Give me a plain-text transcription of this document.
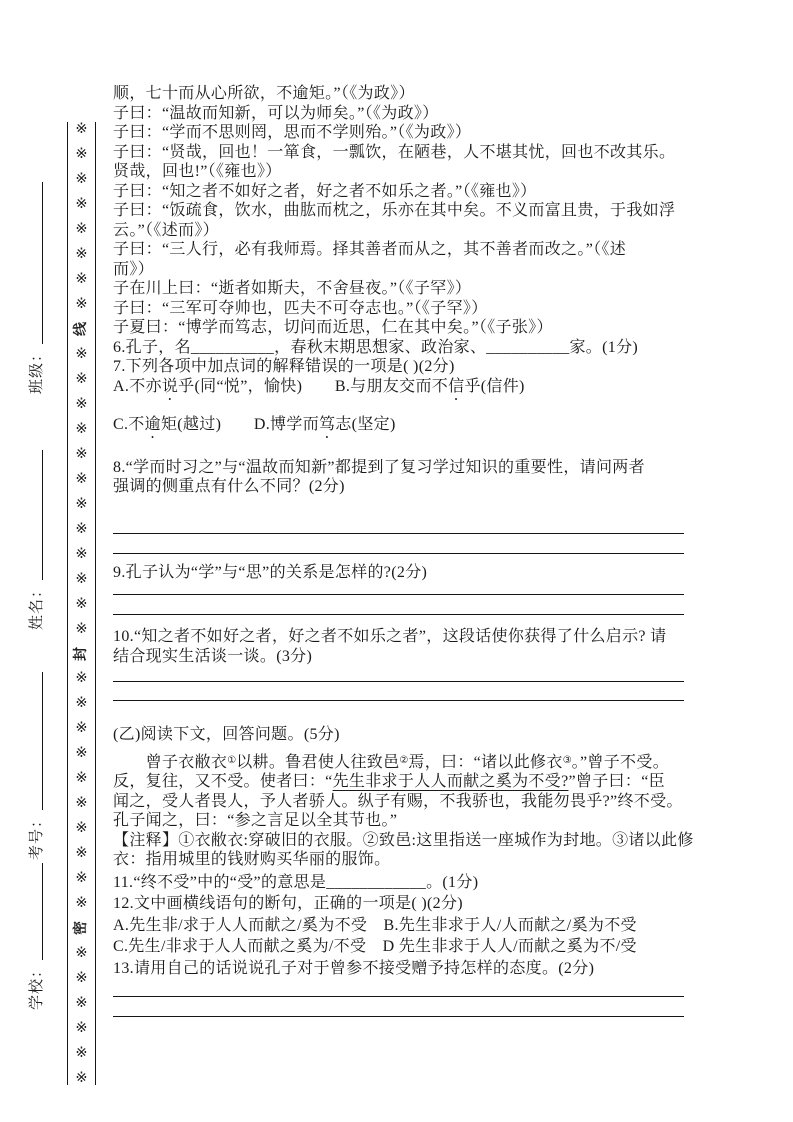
班级：
姓名：
考号：
学校：
※
※
※
※
※
※
※
※
线
※
※
※
※
※
※
※
※
※
※
※
※
封
※
※
※
※
※
※
※
※
※
※
密
※
※
※
※
※
※
顺，七十而从心所欲，不逾矩。”（《为政》）
子曰：“温故而知新，可以为师矣。”（《为政》）
子曰：“学而不思则罔，思而不学则殆。”（《为政》）
子曰：“贤哉，回也！一箪食，一瓢饮，在陋巷，人不堪其忧，回也不改其乐。
贤哉，回也!”（《雍也》）
子曰：“知之者不如好之者，好之者不如乐之者。”（《雍也》）
子曰：“饭疏食，饮水，曲肱而枕之，乐亦在其中矣。不义而富且贵，于我如浮
云。”（《述而》）
子曰：“三人行，必有我师焉。择其善者而从之，其不善者而改之。”（《述
而》）
子在川上曰：“逝者如斯夫，不舍昼夜。”（《子罕》）
子曰：“三军可夺帅也，匹夫不可夺志也。”（《子罕》）
子夏曰：“博学而笃志，切问而近思，仁在其中矣。”（《子张》）
6.孔子，名__________，春秋末期思想家、政治家、__________家。(1分)
7.下列各项中加点词的解释错误的一项是( )(2分)
A.不亦说乎(同“悦”，愉快)　　B.与朋友交而不信乎(信件)
C.不逾矩(越过)　　D.博学而笃志(坚定)
8.“学而时习之”与“温故而知新”都提到了复习学过知识的重要性，请问两者
强调的侧重点有什么不同？(2分)
9.孔子认为“学”与“思”的关系是怎样的?(2分)
10.“知之者不如好之者，好之者不如乐之者”，这段话使你获得了什么启示? 请
结合现实生活谈一谈。(3分)
(乙)阅读下文，回答问题。(5分)
　　曾子衣敝衣①以耕。鲁君使人往致邑②焉，曰：“诸以此修衣③。”曾子不受。
反，复往，又不受。使者曰：“先生非求于人人而献之奚为不受?”曾子曰：“臣
闻之，受人者畏人，予人者骄人。纵子有赐，不我骄也，我能勿畏乎?”终不受。
孔子闻之，曰：“参之言足以全其节也。”
【注释】①衣敝衣:穿破旧的衣服。②致邑:这里指送一座城作为封地。③诸以此修
衣：指用城里的钱财购买华丽的服饰。
11.“终不受”中的“受”的意思是____________。(1分)
12.文中画横线语句的断句，正确的一项是( )(2分)
A.先生非/求于人人而献之/奚为不受　B.先生非求于人/人而献之/奚为不受
C.先生/非求于人人而献之奚为/不受　D 先生非求于人人/而献之奚为不/受
13.请用自己的话说说孔子对于曾参不接受赠予持怎样的态度。(2分)
